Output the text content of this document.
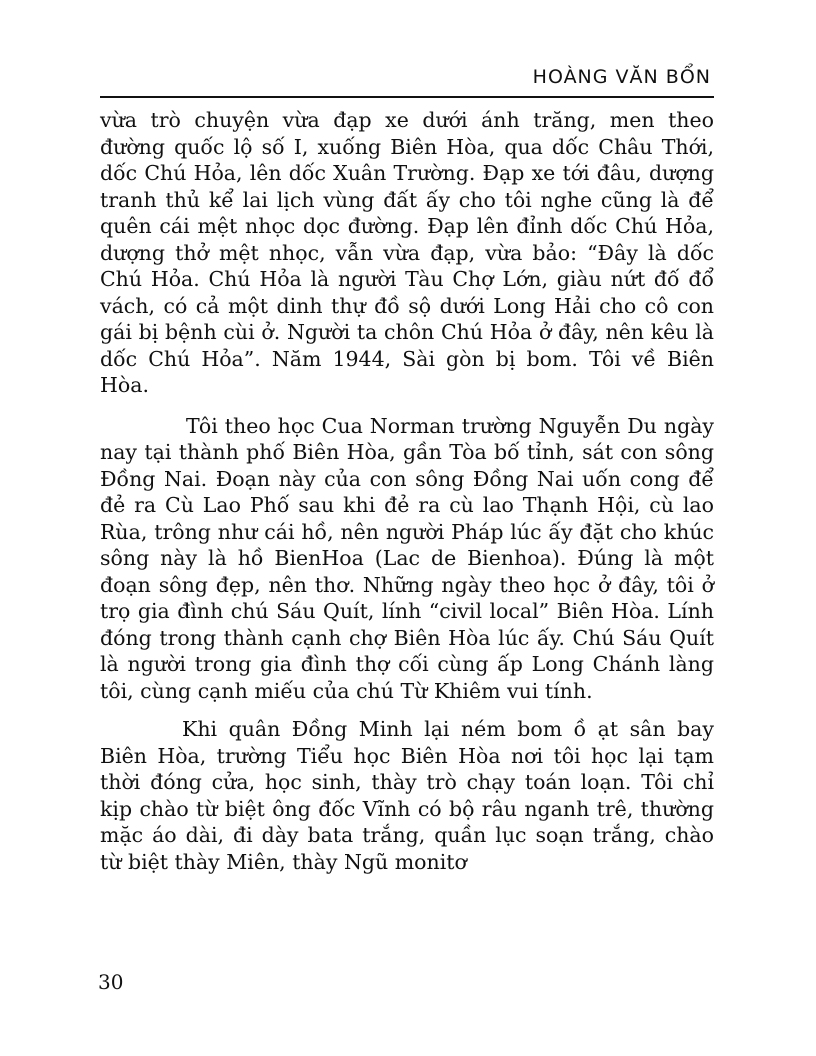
HOÀNG VĂN BỔN

vừa trò chuyện vừa đạp xe dưới ánh trăng, men theo đường quốc lộ số I, xuống Biên Hòa, qua dốc Châu Thới, dốc Chú Hỏa, lên dốc Xuân Trường. Đạp xe tới đâu, dượng tranh thủ kể lai lịch vùng đất ấy cho tôi nghe cũng là để quên cái mệt nhọc dọc đường. Đạp lên đỉnh dốc Chú Hỏa, dượng thở mệt nhọc, vẫn vừa đạp, vừa bảo: “Đây là dốc Chú Hỏa. Chú Hỏa là người Tàu Chợ Lớn, giàu nứt đố đổ vách, có cả một dinh thự đồ sộ dưới Long Hải cho cô con gái bị bệnh cùi ở. Người ta chôn Chú Hỏa ở đây, nên kêu là dốc Chú Hỏa”. Năm 1944, Sài gòn bị bom. Tôi về Biên Hòa.

Tôi theo học Cua Norman trường Nguyễn Du ngày nay tại thành phố Biên Hòa, gần Tòa bố tỉnh, sát con sông Đồng Nai. Đoạn này của con sông Đồng Nai uốn cong để đẻ ra Cù Lao Phố sau khi đẻ ra cù lao Thạnh Hội, cù lao Rùa, trông như cái hồ, nên người Pháp lúc ấy đặt cho khúc sông này là hồ BienHoa (Lac de Bienhoa). Đúng là một đoạn sông đẹp, nên thơ. Những ngày theo học ở đây, tôi ở trọ gia đình chú Sáu Quít, lính “civil local” Biên Hòa. Lính đóng trong thành cạnh chợ Biên Hòa lúc ấy. Chú Sáu Quít là người trong gia đình thợ cối cùng ấp Long Chánh làng tôi, cùng cạnh miếu của chú Từ Khiêm vui tính.

Khi quân Đồng Minh lại ném bom ồ ạt sân bay Biên Hòa, trường Tiểu học Biên Hòa nơi tôi học lại tạm thời đóng cửa, học sinh, thày trò chạy toán loạn. Tôi chỉ kịp chào từ biệt ông đốc Vĩnh có bộ râu nganh trê, thường mặc áo dài, đi dày bata trắng, quần lục soạn trắng, chào từ biệt thày Miên, thày Ngũ monitơ

30
